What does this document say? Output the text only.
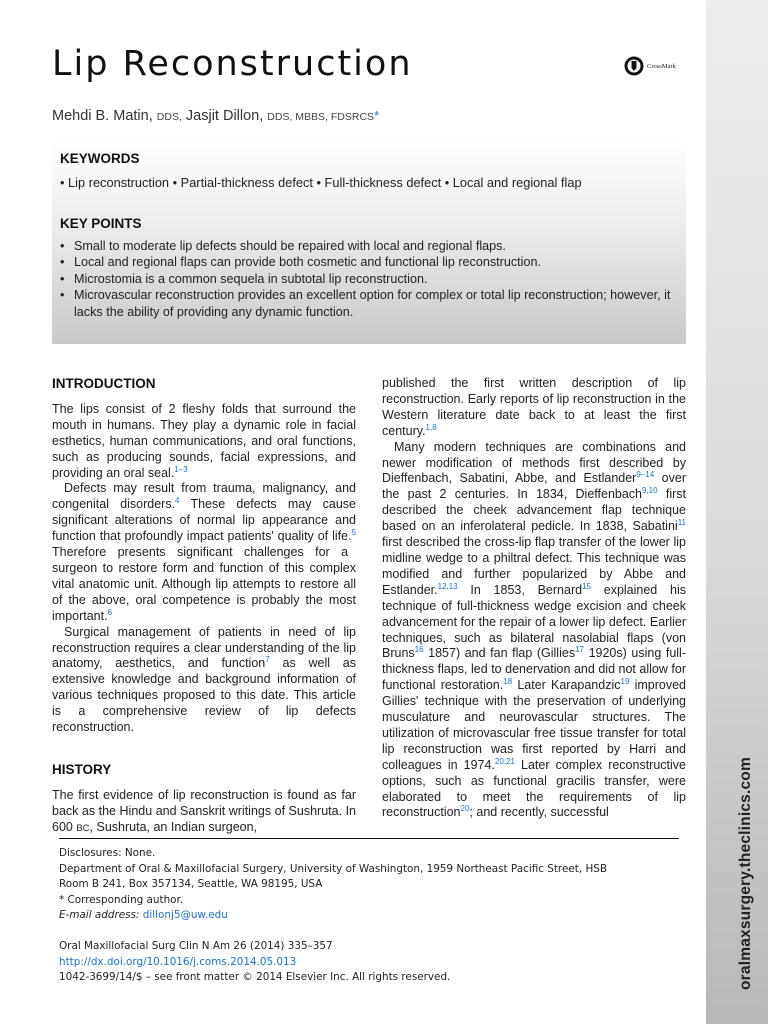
oralmaxsurgery.theclinics.com
Lip Reconstruction	CrossMark
Mehdi B. Matin, DDS, Jasjit Dillon, DDS, MBBS, FDSRCS*
KEYWORDS
• Lip reconstruction • Partial-thickness defect • Full-thickness defect • Local and regional flap
KEY POINTS
• Small to moderate lip defects should be repaired with local and regional flaps.
• Local and regional flaps can provide both cosmetic and functional lip reconstruction.
• Microstomia is a common sequela in subtotal lip reconstruction.
• Microvascular reconstruction provides an excellent option for complex or total lip reconstruction; however, it lacks the ability of providing any dynamic function.
INTRODUCTION

The lips consist of 2 fleshy folds that surround the mouth in humans. They play a dynamic role in facial esthetics, human communications, and oral functions, such as producing sounds, facial expressions, and providing an oral seal.$^{1-3}$

Defects may result from trauma, malignancy, and congenital disorders.$^4$ These defects may cause significant alterations of normal lip appearance and function that profoundly impact patients' quality of life.$^5$ Therefore presents significant challenges for a surgeon to restore form and function of this complex vital anatomic unit. Although lip attempts to restore all of the above, oral competence is probably the most important.$^6$

Surgical management of patients in need of lip reconstruction requires a clear understanding of the lip anatomy, aesthetics, and function$^7$ as well as extensive knowledge and background information of various techniques proposed to this date. This article is a comprehensive review of lip defects reconstruction.

HISTORY

The first evidence of lip reconstruction is found as far back as the Hindu and Sanskrit writings of Sushruta. In 600 BC, Sushruta, an Indian surgeon,

published the first written description of lip reconstruction. Early reports of lip reconstruction in the Western literature date back to at least the first century.$^{1,8}$

Many modern techniques are combinations and newer modification of methods first described by Dieffenbach, Sabatini, Abbe, and Estlander$^{9-14}$ over the past 2 centuries. In 1834, Dieffenbach$^{9,10}$ first described the cheek advancement flap technique based on an inferolateral pedicle. In 1838, Sabatini$^{11}$ first described the cross-lip flap transfer of the lower lip midline wedge to a philtral defect. This technique was modified and further popularized by Abbe and Estlander.$^{12,13}$ In 1853, Bernard$^{15}$ explained his technique of full-thickness wedge excision and cheek advancement for the repair of a lower lip defect. Earlier techniques, such as bilateral nasolabial flaps (von Bruns$^{16}$ 1857) and fan flap (Gillies$^{17}$ 1920s) using full-thickness flaps, led to denervation and did not allow for functional restoration.$^{18}$ Later Karapandzic$^{19}$ improved Gillies' technique with the preservation of underlying musculature and neurovascular structures. The utilization of microvascular free tissue transfer for total lip reconstruction was first reported by Harri and colleagues in 1974.$^{20,21}$ Later complex reconstructive options, such as functional gracilis transfer, were elaborated to meet the requirements of lip reconstruction$^{20}$; and recently, successful

Disclosures: None.
Department of Oral & Maxillofacial Surgery, University of Washington, 1959 Northeast Pacific Street, HSB
Room B 241, Box 357134, Seattle, WA 98195, USA
* Corresponding author.
E-mail address: dillonj5@uw.edu
Oral Maxillofacial Surg Clin N Am 26 (2014) 335–357
http://dx.doi.org/10.1016/j.coms.2014.05.013
1042-3699/14/$ – see front matter © 2014 Elsevier Inc. All rights reserved.
